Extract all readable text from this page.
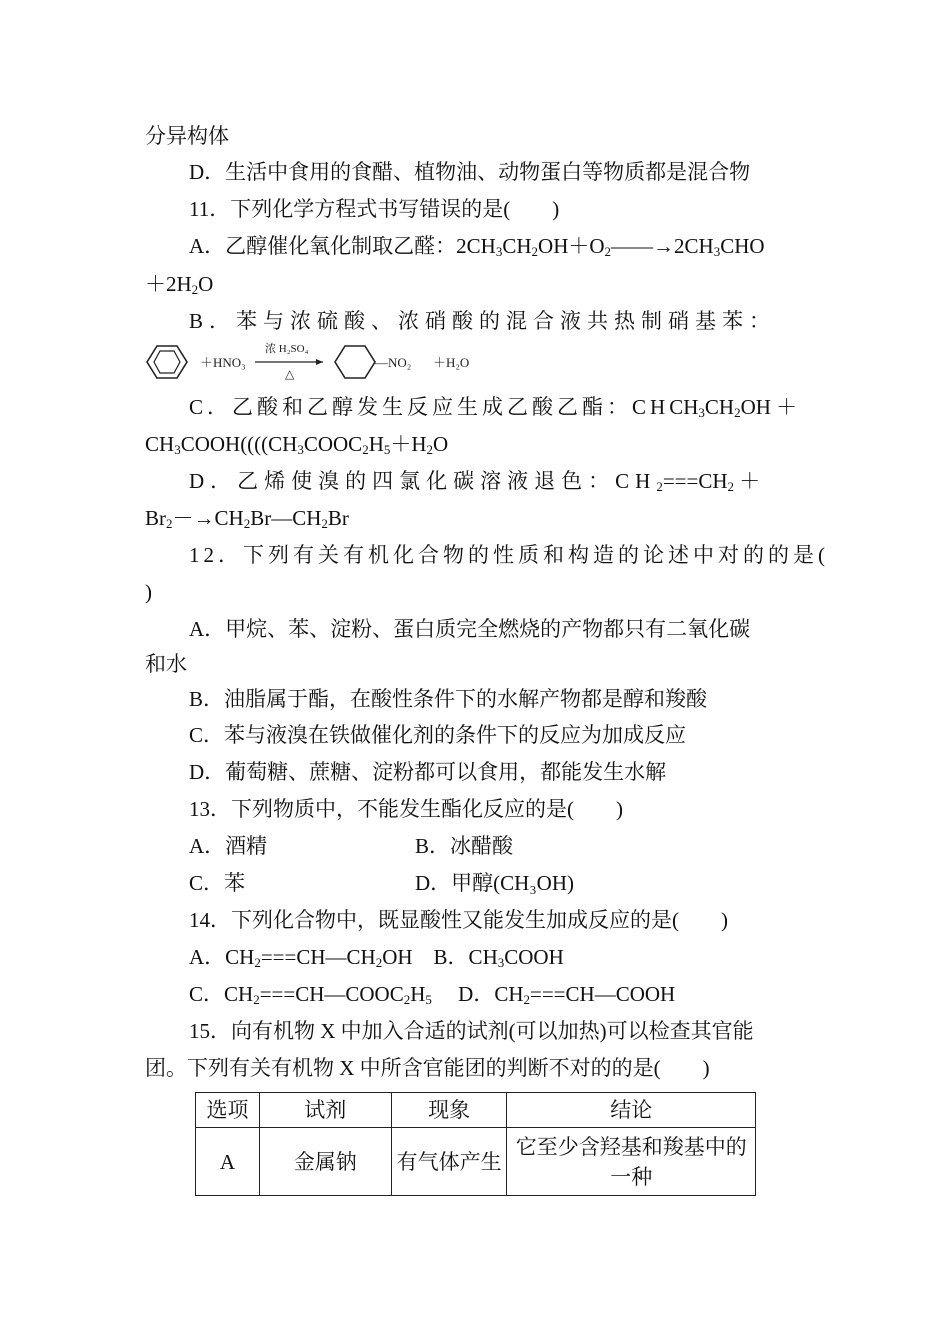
分异构体
D．生活中食用的食醋、植物油、动物蛋白等物质都是混合物
11．下列化学方程式书写错误的是(　　)
A．乙醇催化氧化制取乙醛：$2CH_3CH_2OH+O_2——\to 2CH_3CHO$
$+2H_2O$
B．苯与浓硫酸、浓硝酸的混合液共热制硝基苯：
＋HNO₃
浓 H₂SO₄
△
—NO₂ ＋H₂O
C．乙酸和乙醇发生反应生成乙酸乙酯：$CHCH_3CH_2OH$ ＋
$CH_3COOH((((CH_3COOC_2H_5+H_2O$
D．乙烯使溴的四氯化碳溶液退色：$CH_2===CH_2$ ＋
$Br_2-\to CH_2Br—CH_2Br$
12．下列有关有机化合物的性质和构造的论述中对的的是(
)
A．甲烷、苯、淀粉、蛋白质完全燃烧的产物都只有二氧化碳
和水
B．油脂属于酯，在酸性条件下的水解产物都是醇和羧酸
C．苯与液溴在铁做催化剂的条件下的反应为加成反应
D．葡萄糖、蔗糖、淀粉都可以食用，都能发生水解
13．下列物质中，不能发生酯化反应的是(　　)
A．酒精	B．冰醋酸
C．苯	D．甲醇(CH₃OH)
14．下列化合物中，既显酸性又能发生加成反应的是(　　)
A．$CH_2===CH—CH_2OH$　B．$CH_3COOH$
C．$CH_2===CH—COOC_2H_5$　 D．$CH_2===CH—COOH$
15．向有机物 X 中加入合适的试剂(可以加热)可以检查其官能
团。下列有关有机物 X 中所含官能团的判断不对的的是(　　)
选项	试剂	现象	结论
A	金属钠	有气体产生	它至少含羟基和羧基中的一种
